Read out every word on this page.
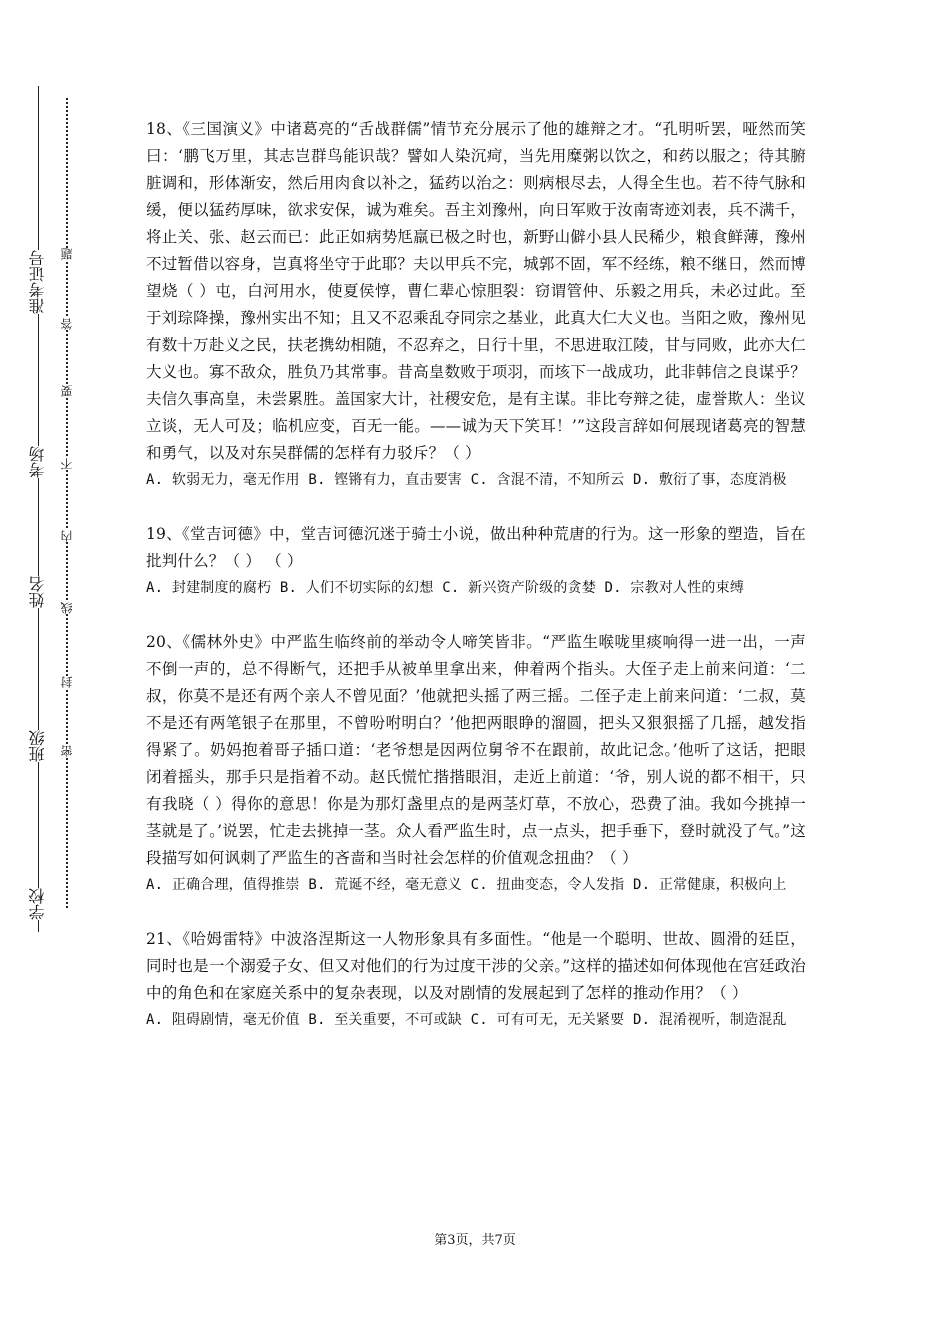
准考证号
考场
姓名
班级
学校
题
答
要
不
内
线
封
密

18、《三国演义》中诸葛亮的“舌战群儒”情节充分展示了他的雄辩之才。“孔明听罢，哑然而笑曰：‘鹏飞万里，其志岂群鸟能识哉？譬如人染沉疴，当先用糜粥以饮之，和药以服之；待其腑脏调和，形体渐安，然后用肉食以补之，猛药以治之：则病根尽去，人得全生也。若不待气脉和缓，便以猛药厚味，欲求安保，诚为难矣。吾主刘豫州，向日军败于汝南寄迹刘表，兵不满千，将止关、张、赵云而已：此正如病势尪羸已极之时也，新野山僻小县人民稀少，粮食鲜薄，豫州不过暂借以容身，岂真将坐守于此耶？夫以甲兵不完，城郭不固，军不经练，粮不继日，然而博望烧（ ）屯，白河用水，使夏侯惇，曹仁辈心惊胆裂：窃谓管仲、乐毅之用兵，未必过此。至于刘琮降操，豫州实出不知；且又不忍乘乱夺同宗之基业，此真大仁大义也。当阳之败，豫州见有数十万赴义之民，扶老携幼相随，不忍弃之，日行十里，不思进取江陵，甘与同败，此亦大仁大义也。寡不敌众，胜负乃其常事。昔高皇数败于项羽，而垓下一战成功，此非韩信之良谋乎？夫信久事高皇，未尝累胜。盖国家大计，社稷安危，是有主谋。非比夸辩之徒，虚誉欺人：坐议立谈，无人可及；临机应变，百无一能。——诚为天下笑耳！’”这段言辞如何展现诸葛亮的智慧和勇气，以及对东吴群儒的怎样有力驳斥？（ ）

A. 软弱无力，毫无作用 B. 铿锵有力，直击要害 C. 含混不清，不知所云 D. 敷衍了事，态度消极

19、《堂吉诃德》中，堂吉诃德沉迷于骑士小说，做出种种荒唐的行为。这一形象的塑造，旨在批判什么？（ ） （ ）

A. 封建制度的腐朽 B. 人们不切实际的幻想 C. 新兴资产阶级的贪婪 D. 宗教对人性的束缚

20、《儒林外史》中严监生临终前的举动令人啼笑皆非。“严监生喉咙里痰响得一进一出，一声不倒一声的，总不得断气，还把手从被单里拿出来，伸着两个指头。大侄子走上前来问道：‘二叔，你莫不是还有两个亲人不曾见面？’他就把头摇了两三摇。二侄子走上前来问道：‘二叔，莫不是还有两笔银子在那里，不曾吩咐明白？’他把两眼睁的溜圆，把头又狠狠摇了几摇，越发指得紧了。奶妈抱着哥子插口道：‘老爷想是因两位舅爷不在跟前，故此记念。’他听了这话，把眼闭着摇头，那手只是指着不动。赵氏慌忙揩揩眼泪，走近上前道：‘爷，别人说的都不相干，只有我晓（ ）得你的意思！你是为那灯盏里点的是两茎灯草，不放心，恐费了油。我如今挑掉一茎就是了。’说罢，忙走去挑掉一茎。众人看严监生时，点一点头，把手垂下，登时就没了气。”这段描写如何讽刺了严监生的吝啬和当时社会怎样的价值观念扭曲？（ ）

A. 正确合理，值得推崇 B. 荒诞不经，毫无意义 C. 扭曲变态，令人发指 D. 正常健康，积极向上

21、《哈姆雷特》中波洛涅斯这一人物形象具有多面性。“他是一个聪明、世故、圆滑的廷臣，同时也是一个溺爱子女、但又对他们的行为过度干涉的父亲。”这样的描述如何体现他在宫廷政治中的角色和在家庭关系中的复杂表现，以及对剧情的发展起到了怎样的推动作用？（ ）

A. 阻碍剧情，毫无价值 B. 至关重要，不可或缺 C. 可有可无，无关紧要 D. 混淆视听，制造混乱

第3页，共7页
